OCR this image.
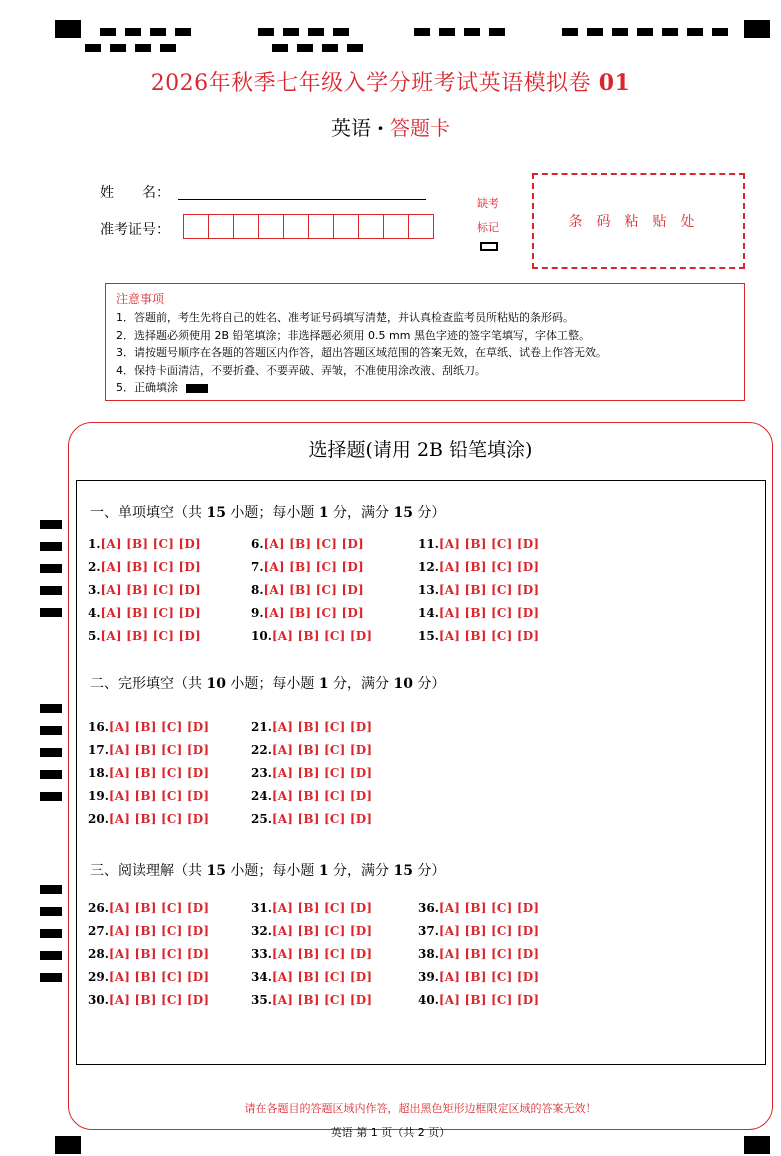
2026年秋季七年级入学分班考试英语模拟卷 01
英语 · 答题卡
姓　　名：
准考证号：
缺考
标记	条码粘贴处
注意事项

1．答题前，考生先将自己的姓名、准考证号码填写清楚，并认真检查监考员所粘贴的条形码。

2．选择题必须使用 2B 铅笔填涂；非选择题必须用 0.5 mm 黑色字迹的签字笔填写，字体工整。

3．请按题号顺序在各题的答题区内作答，超出答题区域范围的答案无效，在草纸、试卷上作答无效。

4．保持卡面清洁，不要折叠、不要弄破、弄皱，不准使用涂改液、刮纸刀。

5．正确填涂

选择题(请用 2B 铅笔填涂)
一、单项填空（共 15 小题；每小题 1 分，满分 15 分）
二、完形填空（共 10 小题；每小题 1 分，满分 10 分）
三、阅读理解（共 15 小题；每小题 1 分，满分 15 分）
1.[A] [B] [C] [D]
2.[A] [B] [C] [D]
3.[A] [B] [C] [D]
4.[A] [B] [C] [D]
5.[A] [B] [C] [D]
6.[A] [B] [C] [D]
7.[A] [B] [C] [D]
8.[A] [B] [C] [D]
9.[A] [B] [C] [D]
10.[A] [B] [C] [D]
11.[A] [B] [C] [D]
12.[A] [B] [C] [D]
13.[A] [B] [C] [D]
14.[A] [B] [C] [D]
15.[A] [B] [C] [D]
16.[A] [B] [C] [D]
17.[A] [B] [C] [D]
18.[A] [B] [C] [D]
19.[A] [B] [C] [D]
20.[A] [B] [C] [D]
21.[A] [B] [C] [D]
22.[A] [B] [C] [D]
23.[A] [B] [C] [D]
24.[A] [B] [C] [D]
25.[A] [B] [C] [D]
26.[A] [B] [C] [D]
27.[A] [B] [C] [D]
28.[A] [B] [C] [D]
29.[A] [B] [C] [D]
30.[A] [B] [C] [D]
31.[A] [B] [C] [D]
32.[A] [B] [C] [D]
33.[A] [B] [C] [D]
34.[A] [B] [C] [D]
35.[A] [B] [C] [D]
36.[A] [B] [C] [D]
37.[A] [B] [C] [D]
38.[A] [B] [C] [D]
39.[A] [B] [C] [D]
40.[A] [B] [C] [D]
请在各题目的答题区域内作答，超出黑色矩形边框限定区域的答案无效！
英语 第 1 页（共 2 页）
